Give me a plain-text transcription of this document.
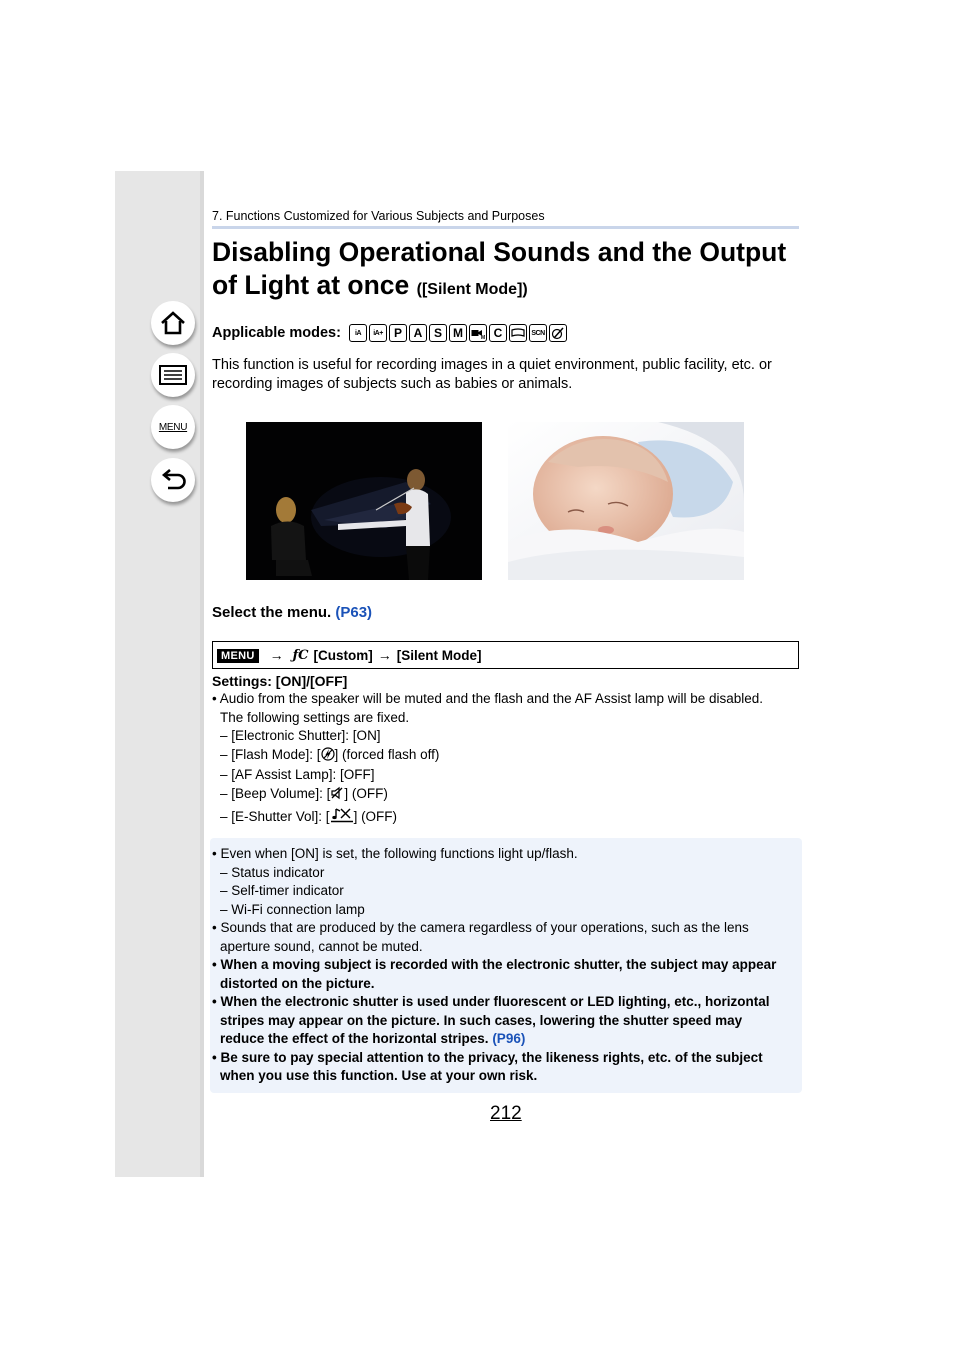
MENU
7. Functions Customized for Various Subjects and Purposes
Disabling Operational Sounds and the Output
of Light at once ([Silent Mode])
Applicable modes:	iA	iA+ P A S M	M C	SCN
This function is useful for recording images in a quiet environment, public facility, etc. or
recording images of subjects such as babies or animals.
Select the menu. (P63)
MENU → ƒC [Custom] → [Silent Mode]
Settings: [ON]/[OFF]
• Audio from the speaker will be muted and the flash and the AF Assist lamp will be disabled.
The following settings are fixed.
– [Electronic Shutter]: [ON]
– [Flash Mode]: [ ] (forced flash off)
– [AF Assist Lamp]: [OFF]
– [Beep Volume]: [ ] (OFF)
– [E-Shutter Vol]: [ ] (OFF)
• Even when [ON] is set, the following functions light up/flash.
– Status indicator
– Self-timer indicator
– Wi-Fi connection lamp
• Sounds that are produced by the camera regardless of your operations, such as the lens
aperture sound, cannot be muted.
• When a moving subject is recorded with the electronic shutter, the subject may appear
distorted on the picture.
• When the electronic shutter is used under fluorescent or LED lighting, etc., horizontal
stripes may appear on the picture. In such cases, lowering the shutter speed may
reduce the effect of the horizontal stripes. (P96)
• Be sure to pay special attention to the privacy, the likeness rights, etc. of the subject
when you use this function. Use at your own risk.
212
